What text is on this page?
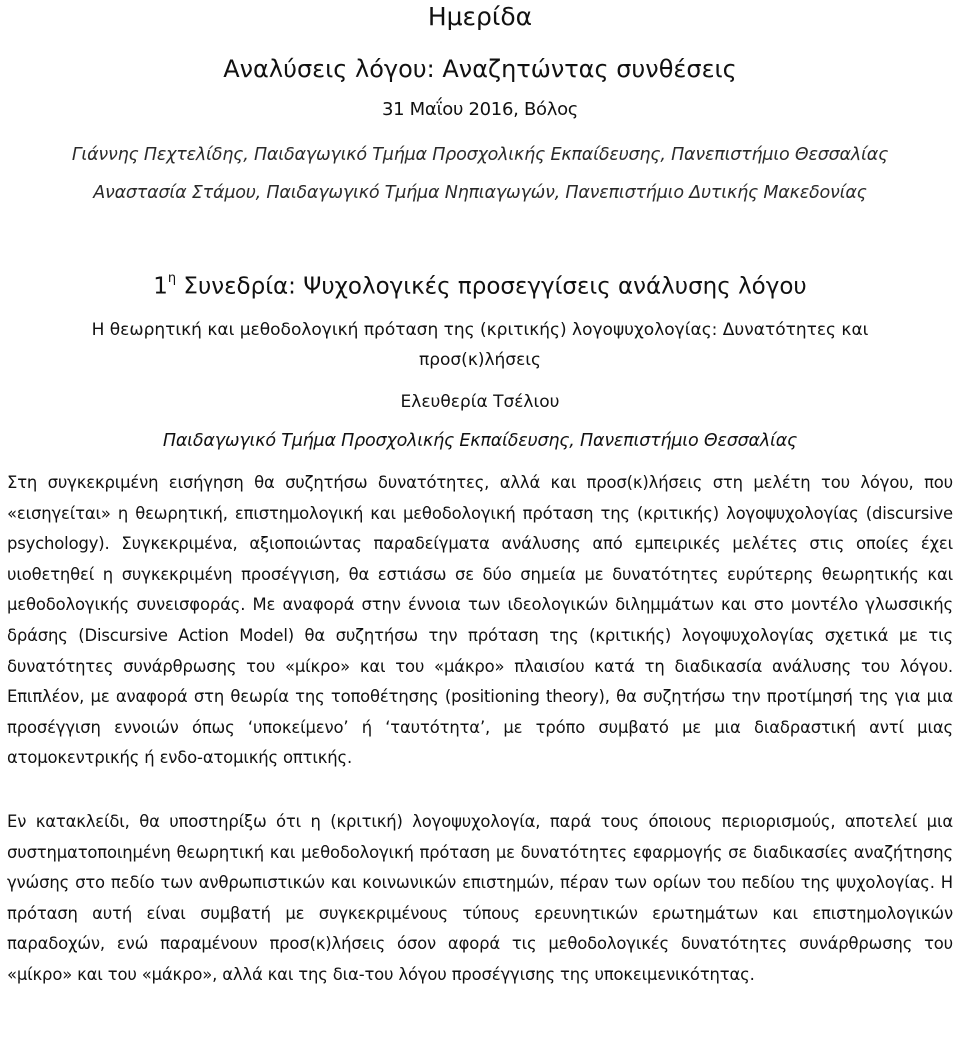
Ημερίδα

Αναλύσεις λόγου: Αναζητώντας συνθέσεις

31 Μαΐου 2016, Βόλος

Γιάννης Πεχτελίδης, Παιδαγωγικό Τμήμα Προσχολικής Εκπαίδευσης, Πανεπιστήμιο Θεσσαλίας

Αναστασία Στάμου, Παιδαγωγικό Τμήμα Νηπιαγωγών, Πανεπιστήμιο Δυτικής Μακεδονίας

$1^\eta$ Συνεδρία: Ψυχολογικές προσεγγίσεις ανάλυσης λόγου

Η θεωρητική και μεθοδολογική πρόταση της (κριτικής) λογοψυχολογίας: Δυνατότητες και προσ(κ)λήσεις

Ελευθερία Τσέλιου

Παιδαγωγικό Τμήμα Προσχολικής Εκπαίδευσης, Πανεπιστήμιο Θεσσαλίας

Στη συγκεκριμένη εισήγηση θα συζητήσω δυνατότητες, αλλά και προσ(κ)λήσεις στη μελέτη του λόγου, που «εισηγείται» η θεωρητική, επιστημολογική και μεθοδολογική πρόταση της (κριτικής) λογοψυχολογίας (discursive psychology). Συγκεκριμένα, αξιοποιώντας παραδείγματα ανάλυσης από εμπειρικές μελέτες στις οποίες έχει υιοθετηθεί η συγκεκριμένη προσέγγιση, θα εστιάσω σε δύο σημεία με δυνατότητες ευρύτερης θεωρητικής και μεθοδολογικής συνεισφοράς. Με αναφορά στην έννοια των ιδεολογικών διλημμάτων και στο μοντέλο γλωσσικής δράσης (Discursive Action Model) θα συζητήσω την πρόταση της (κριτικής) λογοψυχολογίας σχετικά με τις δυνατότητες συνάρθρωσης του «μίκρο» και του «μάκρο» πλαισίου κατά τη διαδικασία ανάλυσης του λόγου. Επιπλέον, με αναφορά στη θεωρία της τοποθέτησης (positioning theory), θα συζητήσω την προτίμησή της για μια προσέγγιση εννοιών όπως ‘υποκείμενο’ ή ‘ταυτότητα’, με τρόπο συμβατό με μια διαδραστική αντί μιας ατομοκεντρικής ή ενδο-ατομικής οπτικής.

Εν κατακλείδι, θα υποστηρίξω ότι η (κριτική) λογοψυχολογία, παρά τους όποιους περιορισμούς, αποτελεί μια συστηματοποιημένη θεωρητική και μεθοδολογική πρόταση με δυνατότητες εφαρμογής σε διαδικασίες αναζήτησης γνώσης στο πεδίο των ανθρωπιστικών και κοινωνικών επιστημών, πέραν των ορίων του πεδίου της ψυχολογίας. Η πρόταση αυτή είναι συμβατή με συγκεκριμένους τύπους ερευνητικών ερωτημάτων και επιστημολογικών παραδοχών, ενώ παραμένουν προσ(κ)λήσεις όσον αφορά τις μεθοδολογικές δυνατότητες συνάρθρωσης του «μίκρο» και του «μάκρο», αλλά και της δια-του λόγου προσέγγισης της υποκειμενικότητας.
